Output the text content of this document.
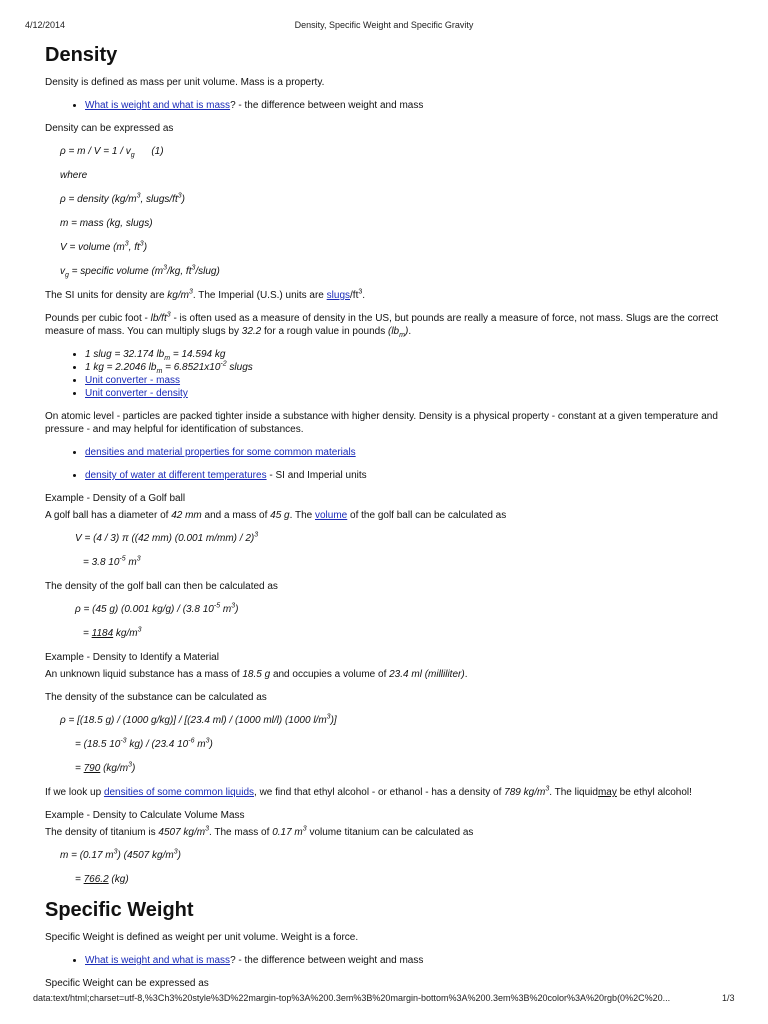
4/12/2014	Density, Specific Weight and Specific Gravity
Density

Density is defined as mass per unit volume. Mass is a property.

• What is weight and what is mass? - the difference between weight and mass

Density can be expressed as

$\rho = m / V = 1 / v_g$      (1)
where
ρ = density ($kg/m^3$, slugs/$ft^3$)
m = mass (kg, slugs)
V = volume ($m^3$, $ft^3$)
$v_g$ = specific volume ($m^3/kg$, $ft^3/slug$)

The SI units for density are $kg/m^3$. The Imperial (U.S.) units are slugs/$ft^3$.

Pounds per cubic foot - $lb/ft^3$ - is often used as a measure of density in the US, but pounds are really a measure of force, not mass. Slugs are the correct measure of mass. You can multiply slugs by 32.2 for a rough value in pounds $(lb_m)$.

• 1 slug = 32.174 $lb_m = 14.594$ kg
• 1 kg = 2.2046 $lb_m = 6.8521x10^{-2}$ slugs
• Unit converter - mass
• Unit converter - density

On atomic level - particles are packed tighter inside a substance with higher density. Density is a physical property - constant at a given temperature and pressure - and may helpful for identification of substances.

• densities and material properties for some common materials
• density of water at different temperatures - SI and Imperial units
Example - Density of a Golf ball

A golf ball has a diameter of 42 mm and a mass of 45 g. The volume of the golf ball can be calculated as

V = (4 / 3) π ((42 mm) (0.001 m/mm) / 2)$^3$
= 3.8 $10^{-5}$ $m^3$

The density of the golf ball can then be calculated as

ρ = (45 g) (0.001 kg/g) / (3.8 $10^{-5}$ $m^3$)
= 1184 $kg/m^3$
Example - Density to Identify a Material

An unknown liquid substance has a mass of 18.5 g and occupies a volume of 23.4 ml (milliliter).

The density of the substance can be calculated as

ρ = [(18.5 g) / (1000 g/kg)] / [(23.4 ml) / (1000 ml/l) (1000 $l/m^3$)]
= (18.5 $10^{-3}$ kg) / (23.4 $10^{-6}$ $m^3$)
= 790 $(kg/m^3)$

If we look up densities of some common liquids, we find that ethyl alcohol - or ethanol - has a density of 789 $kg/m^3$. The liquidmay be ethyl alcohol!

Example - Density to Calculate Volume Mass

The density of titanium is 4507 $kg/m^3$. The mass of 0.17 $m^3$ volume titanium can be calculated as

m = (0.17 $m^3$) (4507 $kg/m^3$)
= 766.2 (kg)
Specific Weight

Specific Weight is defined as weight per unit volume. Weight is a force.

• What is weight and what is mass? - the difference between weight and mass

Specific Weight can be expressed as

data:text/html;charset=utf-8,%3Ch3%20style%3D%22margin-top%3A%200.3em%3B%20margin-bottom%3A%200.3em%3B%20color%3A%20rgb(0%2C%20...	1/3
